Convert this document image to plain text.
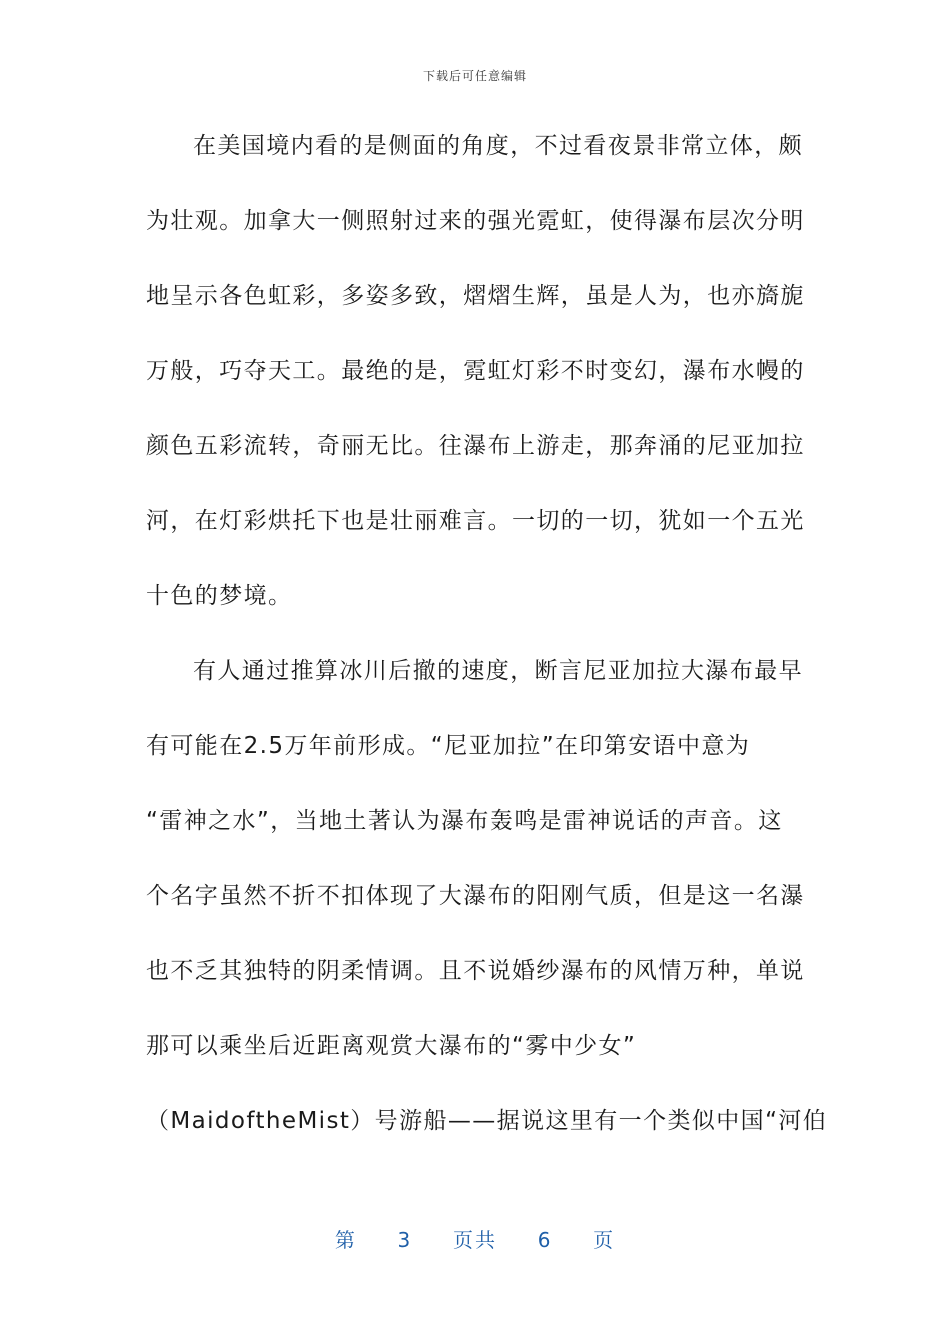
下载后可任意编辑
在美国境内看的是侧面的角度，不过看夜景非常立体，颇
为壮观。加拿大一侧照射过来的强光霓虹，使得瀑布层次分明
地呈示各色虹彩，多姿多致，熠熠生辉，虽是人为，也亦旖旎
万般，巧夺天工。最绝的是，霓虹灯彩不时变幻，瀑布水幔的
颜色五彩流转，奇丽无比。往瀑布上游走，那奔涌的尼亚加拉
河，在灯彩烘托下也是壮丽难言。一切的一切，犹如一个五光
十色的梦境。
有人通过推算冰川后撤的速度，断言尼亚加拉大瀑布最早
有可能在2.5万年前形成。“尼亚加拉”在印第安语中意为
“雷神之水”，当地土著认为瀑布轰鸣是雷神说话的声音。这
个名字虽然不折不扣体现了大瀑布的阳刚气质，但是这一名瀑
也不乏其独特的阴柔情调。且不说婚纱瀑布的风情万种，单说
那可以乘坐后近距离观赏大瀑布的“雾中少女”
（MaidoftheMist）号游船——据说这里有一个类似中国“河伯
第 3 页共 6 页
